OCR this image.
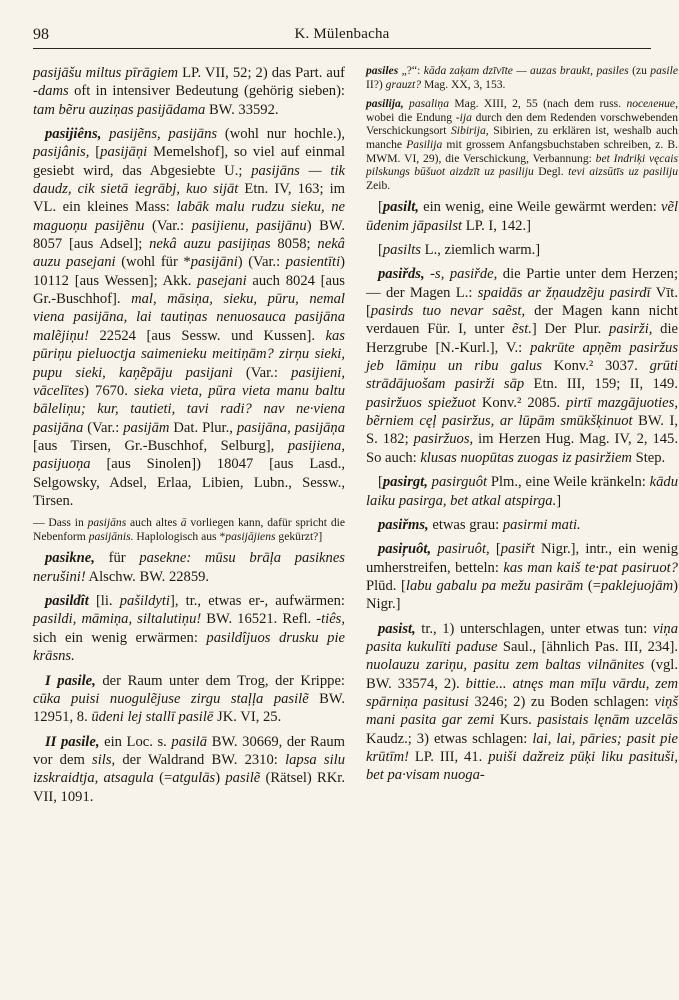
98	K. Mülenbacha

pasijāšu miltus pīrāgiem LP. VII, 52; 2) das Part. auf -dams oft in intensiver Bedeutung (gehörig sieben): tam bẽru auziņas pasijādama BW. 33592.

pasijiêns, pasijẽns, pasijāns (wohl nur hochle.), pasijânis, [pasijāņi Memelshof], so viel auf einmal gesiebt wird, das Abgesiebte U.; pasijāns — tik daudz, cik sietā iegrābj, kuo sijāt Etn. IV, 163; im VL. ein kleines Mass: labāk malu rudzu sieku, ne maguoņu pasijẽnu (Var.: pasijienu, pasijānu) BW. 8057 [aus Adsel]; nekâ auzu pasijiņas 8058; nekâ auzu pasejani (wohl für *pasijāni) (Var.: pasientīti) 10112 [aus Wessen]; Akk. pasejani auch 8024 [aus Gr.-Buschhof]. mal, māsiņa, sieku, pūru, nemal viena pasijāna, lai tautiņas nenuosauca pasijāna malẽjiņu! 22524 [aus Sessw. und Kussen]. kas pūriņu pieluoctja saimenieku meitiņām? zirņu sieki, pupu sieki, kaņẽpāju pasijani (Var.: pasijieni, vācelītes) 7670. sieka vieta, pūra vieta manu baltu bāleliņu; kur, tautieti, tavi radi? nav ne·viena pasijāna (Var.: pasijām Dat. Plur., pasijāna, pasijāņa [aus Tirsen, Gr.-Buschhof, Selburg], pasijiena, pasijuoņa [aus Sinolen]) 18047 [aus Lasd., Selgowsky, Adsel, Erlaa, Libien, Lubn., Sessw., Tirsen.

— Dass in pasijāns auch altes ā vorliegen kann, dafür spricht die Nebenform pasijānis. Haplologisch aus *pasijājiens gekürzt?]

pasikne, für pasekne: mūsu brāļa pasiknes nerušini! Alschw. BW. 22859.

pasildît [li. pašildyti], tr., etwas er-, aufwärmen: pasildi, māmiņa, siltalutiņu! BW. 16521. Refl. -tiês, sich ein wenig erwärmen: pasildîjuos drusku pie krāsns.

I pasile, der Raum unter dem Trog, der Krippe: cūka puisi nuogulẽjuse zirgu staļļa pasilẽ BW. 12951, 8. ūdeni lej stallī pasilē JK. VI, 25.

II pasile, ein Loc. s. pasilā BW. 30669, der Raum vor dem sils, der Waldrand BW. 2310: lapsa silu izskraidtja, atsagula (=atgulās) pasilẽ (Rätsel) RKr. VII, 1091.

pasiles „?“: kāda zaķam dzīvīte — auzas braukt, pasiles (zu pasile II?) grauzt? Mag. XX, 3, 153.

pasilija, pasaliņa Mag. XIII, 2, 55 (nach dem russ. поселение, wobei die Endung -ija durch den dem Redenden vorschwebenden Verschickungsort Sibirija, Sibirien, zu erklären ist, weshalb auch manche Pasilija mit grossem Anfangsbuchstaben schreiben, z. B. MWM. VI, 29), die Verschickung, Verbannung: bet Indriķi vęcais pilskungs būšuot aizdzīt uz pasiliju Degl. tevi aizsūtīs uz pasiliju Zeib.

[pasilt, ein wenig, eine Weile gewärmt werden: vẽl ūdenim jāpasilst LP. I, 142.]

[pasilts L., ziemlich warm.]

pasiřds, -s, pasiřde, die Partie unter dem Herzen; — der Magen L.: spaidās ar žņaudzẽju pasirdī Vīt. [pasirds tuo nevar saẽst, der Magen kann nicht verdauen Für. I, unter ẽst.] Der Plur. pasirži, die Herzgrube [N.-Kurl.], V.: pakrūte apņẽm pasiržus jeb lāmiņu un ribu galus Konv.² 3037. grūti strādājuošam pasirži sāp Etn. III, 159; II, 149. pasiržuos spiežuot Konv.² 2085. pirtī mazgājuoties, bẽrniem cęļ pasiržus, ar lūpām smūkšķinuot BW. I, S. 182; pasiržuos, im Herzen Hug. Mag. IV, 2, 145. So auch: klusas nuopūtas zuogas iz pasiržiem Step.

[pasirgt, pasirguôt Plm., eine Weile kränkeln: kādu laiku pasirga, bet atkal atspirga.]

pasiřms, etwas grau: pasirmi mati.

pasiŗuôt, pasiruôt, [pasiřt Nigr.], intr., ein wenig umherstreifen, betteln: kas man kaiš te·pat pasiruot? Plūd. [labu gabalu pa mežu pasirām (=paklejuojām) Nigr.]

pasist, tr., 1) unterschlagen, unter etwas tun: viņa pasita kukulīti paduse Saul., [ähnlich Pas. III, 234]. nuolauzu zariņu, pasitu zem baltas vilnānites (vgl. BW. 33574, 2). bittie... atnęs man mīļu vārdu, zem spārniņa pasitusi 3246; 2) zu Boden schlagen: viņš mani pasita gar zemi Kurs. pasistais lęnām uzcelās Kaudz.; 3) etwas schlagen: lai, lai, pāries; pasit pie krūtīm! LP. III, 41. puiši dažreiz pūķi liku pasituši, bet pa·visam nuoga-
